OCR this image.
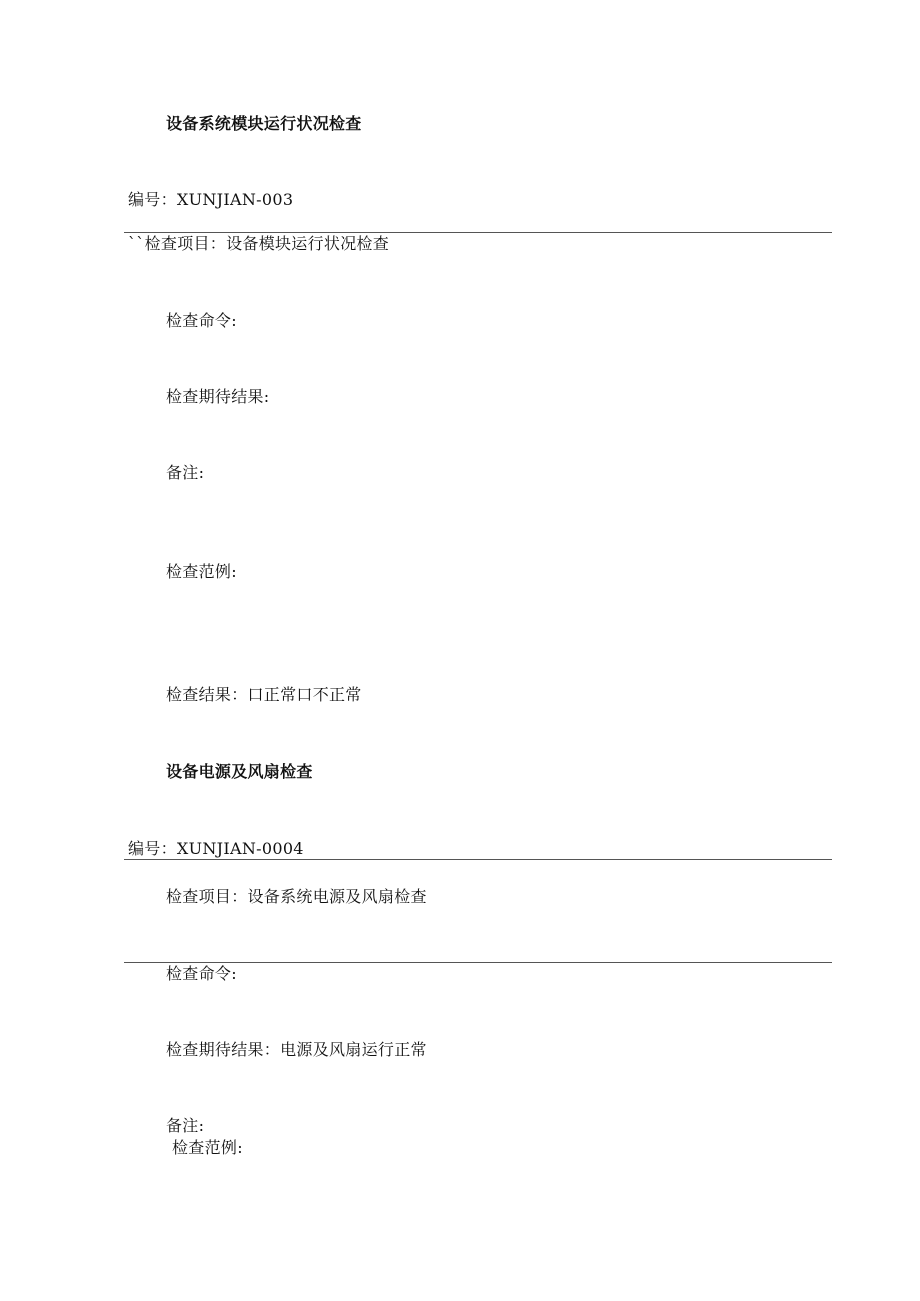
设备系统模块运行状况检查
编号：XUNJIAN-003
``检查项目：设备模块运行状况检查
检查命令:
检查期待结果:
备注:
检查范例:
检查结果：口正常口不正常
设备电源及风扇检查
编号：XUNJIAN-0004
检查项目：设备系统电源及风扇检查
检查命令:
检查期待结果：电源及风扇运行正常
备注:
检查范例:
